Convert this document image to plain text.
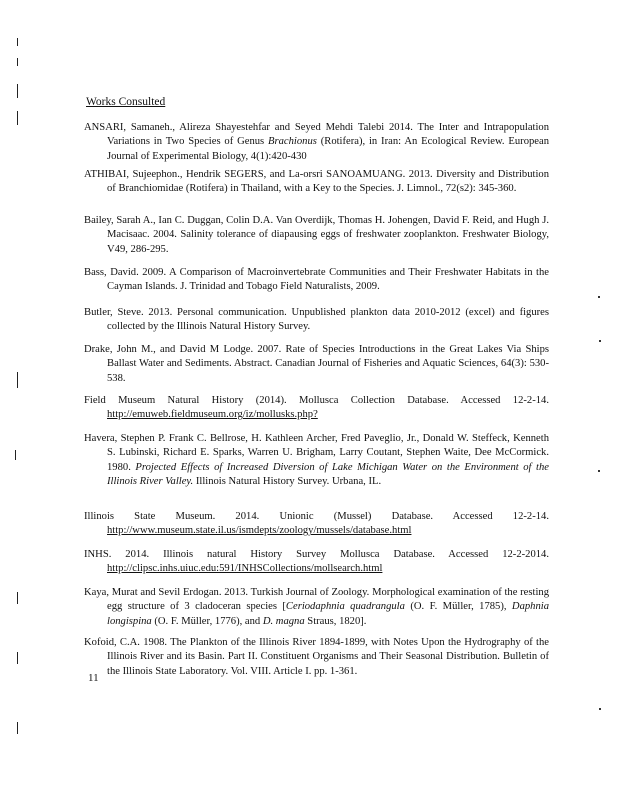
Works Consulted
ANSARI, Samaneh., Alireza Shayestehfar and Seyed Mehdi Talebi 2014. The Inter and Intrapopulation Variations in Two Species of Genus Brachionus (Rotifera), in Iran: An Ecological Review. European Journal of Experimental Biology, 4(1):420-430
ATHIBAI, Sujeephon., Hendrik SEGERS, and La-orsri SANOAMUANG. 2013. Diversity and Distribution of Branchiomidae (Rotifera) in Thailand, with a Key to the Species. J. Limnol., 72(s2): 345-360.
Bailey, Sarah A., Ian C. Duggan, Colin D.A. Van Overdijk, Thomas H. Johengen, David F. Reid, and Hugh J. Macisaac. 2004. Salinity tolerance of diapausing eggs of freshwater zooplankton. Freshwater Biology, V49, 286-295.
Bass, David. 2009. A Comparison of Macroinvertebrate Communities and Their Freshwater Habitats in the Cayman Islands. J. Trinidad and Tobago Field Naturalists, 2009.
Butler, Steve. 2013. Personal communication. Unpublished plankton data 2010-2012 (excel) and figures collected by the Illinois Natural History Survey.
Drake, John M., and David M Lodge. 2007. Rate of Species Introductions in the Great Lakes Via Ships Ballast Water and Sediments. Abstract. Canadian Journal of Fisheries and Aquatic Sciences, 64(3): 530-538.
Field Museum Natural History (2014). Mollusca Collection Database. Accessed 12-2-14. http://emuweb.fieldmuseum.org/iz/mollusks.php?
Havera, Stephen P. Frank C. Bellrose, H. Kathleen Archer, Fred Paveglio, Jr., Donald W. Steffeck, Kenneth S. Lubinski, Richard E. Sparks, Warren U. Brigham, Larry Coutant, Stephen Waite, Dee McCormick. 1980. Projected Effects of Increased Diversion of Lake Michigan Water on the Environment of the Illinois River Valley. Illinois Natural History Survey. Urbana, IL.
Illinois State Museum. 2014. Unionic (Mussel) Database. Accessed 12-2-14. http://www.museum.state.il.us/ismdepts/zoology/mussels/database.html
INHS. 2014. Illinois natural History Survey Mollusca Database. Accessed 12-2-2014. http://clipsc.inhs.uiuc.edu:591/INHSCollections/mollsearch.html
Kaya, Murat and Sevil Erdogan. 2013. Turkish Journal of Zoology. Morphological examination of the resting egg structure of 3 cladoceran species [Ceriodaphnia quadrangula (O. F. Müller, 1785), Daphnia longispina (O. F. Müller, 1776), and D. magna Straus, 1820].
Kofoid, C.A. 1908. The Plankton of the Illinois River 1894-1899, with Notes Upon the Hydrography of the Illinois River and its Basin. Part II. Constituent Organisms and Their Seasonal Distribution. Bulletin of the Illinois State Laboratory. Vol. VIII. Article I. pp. 1-361.
11
